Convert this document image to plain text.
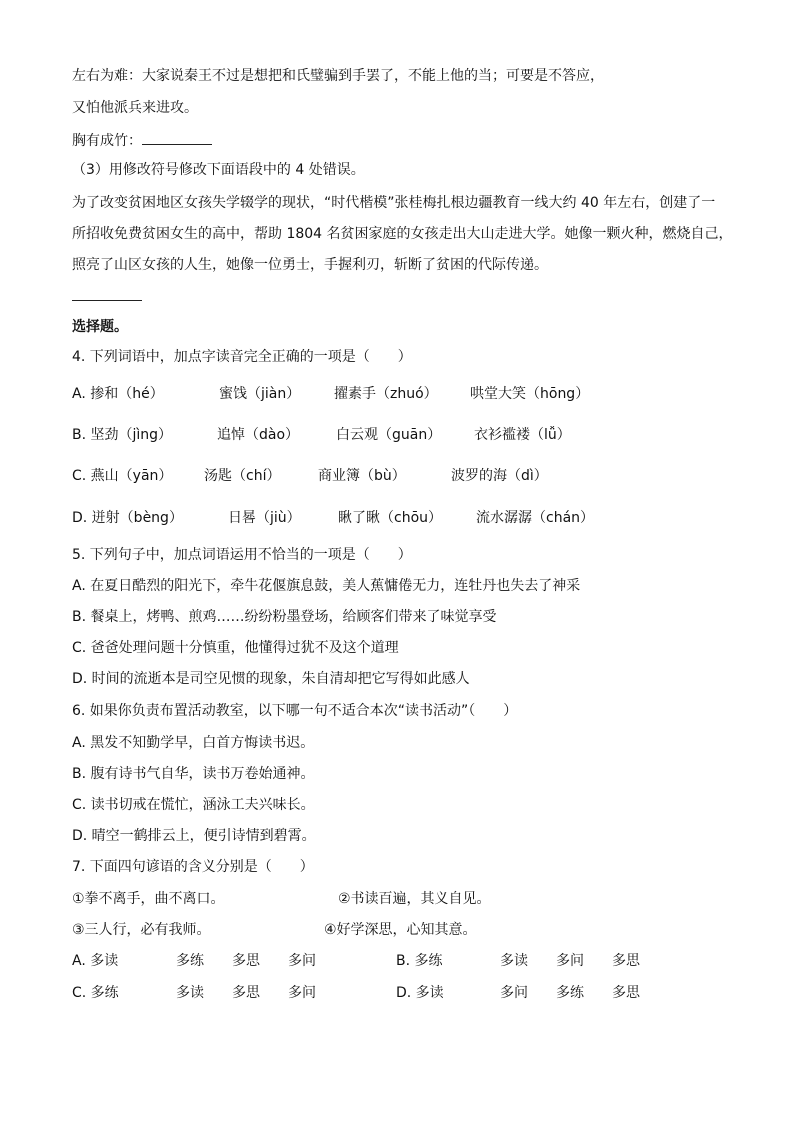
左右为难：大家说秦王不过是想把和氏璧骗到手罢了，不能上他的当；可要是不答应，
又怕他派兵来进攻。
胸有成竹：
（3）用修改符号修改下面语段中的 4 处错误。
为了改变贫困地区女孩失学辍学的现状，“时代楷模”张桂梅扎根边疆教育一线大约 40 年左右，创建了一
所招收免费贫困女生的高中，帮助 1804 名贫困家庭的女孩走出大山走进大学。她像一颗火种，燃烧自己，
照亮了山区女孩的人生，她像一位勇士，手握利刃，斩断了贫困的代际传递。
选择题。
4. 下列词语中，加点字读音完全正确的一项是（　　）
A. 掺和（hé）	蜜饯（jiàn） 擢素手（zhuó） 哄堂大笑（hōng）
B. 坚劲（jìng）	追悼（dào）	白云观（guān） 衣衫褴褛（lǚ）
C. 燕山（yān） 汤匙（chí）	商业簿（bù）	波罗的海（dì）
D. 迸射（bèng）	日晷（jiù）	瞅了瞅（chōu） 流水潺潺（chán）
5. 下列句子中，加点词语运用不恰当的一项是（　　）
A. 在夏日酷烈的阳光下，牵牛花偃旗息鼓，美人蕉慵倦无力，连牡丹也失去了神采
B. 餐桌上，烤鸭、煎鸡……纷纷粉墨登场，给顾客们带来了味觉享受
C. 爸爸处理问题十分慎重，他懂得过犹不及这个道理
D. 时间的流逝本是司空见惯的现象，朱自清却把它写得如此感人
6. 如果你负责布置活动教室，以下哪一句不适合本次“读书活动”（　　）
A. 黑发不知勤学早，白首方悔读书迟。
B. 腹有诗书气自华，读书万卷始通神。
C. 读书切戒在慌忙，涵泳工夫兴味长。
D. 晴空一鹤排云上，便引诗情到碧霄。
7. 下面四句谚语的含义分别是（　　）
①拳不离手，曲不离口。	②书读百遍，其义自见。
③三人行，必有我师。	④好学深思，心知其意。
A. 多读	多练 多思 多问	B. 多练	多读 多问 多思
C. 多练	多读 多思 多问	D. 多读	多问 多练 多思
